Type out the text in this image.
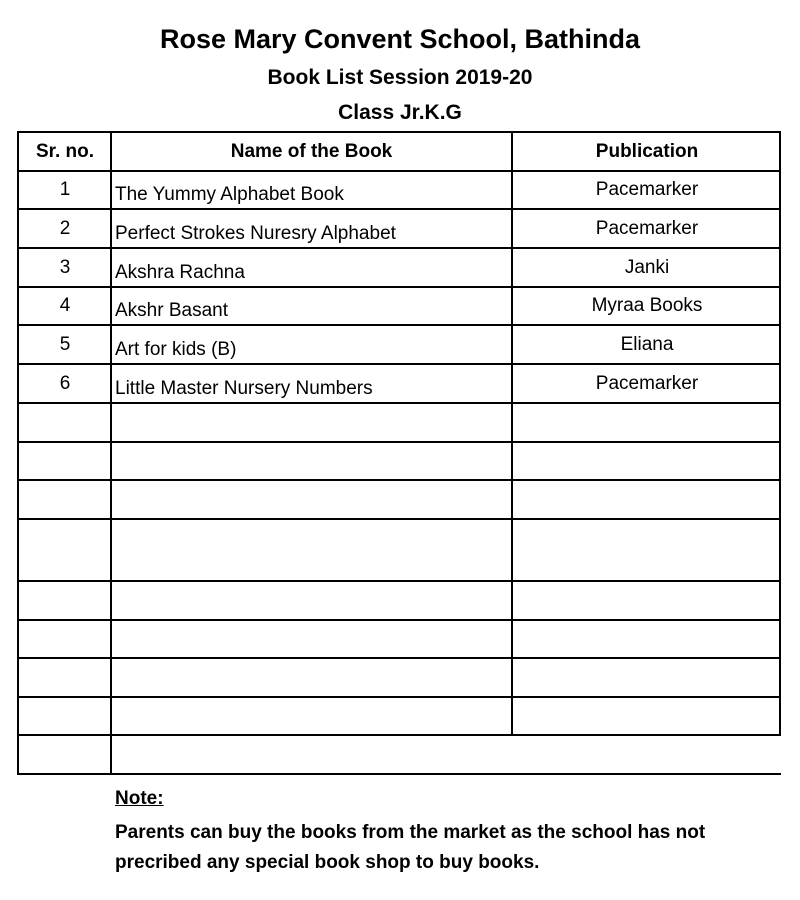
Rose Mary Convent School, Bathinda
Book List Session 2019-20
Class Jr.K.G
Sr. no.	Name of the Book	Publication
1	The Yummy Alphabet Book	Pacemarker
2	Perfect Strokes Nuresry Alphabet	Pacemarker
3	Akshra Rachna	Janki
4	Akshr Basant	Myraa Books
5	Art for kids (B)	Eliana
6	Little Master Nursery Numbers	Pacemarker
Note:
Parents can buy the books from the market as the school has not precribed any special book shop to buy books.
